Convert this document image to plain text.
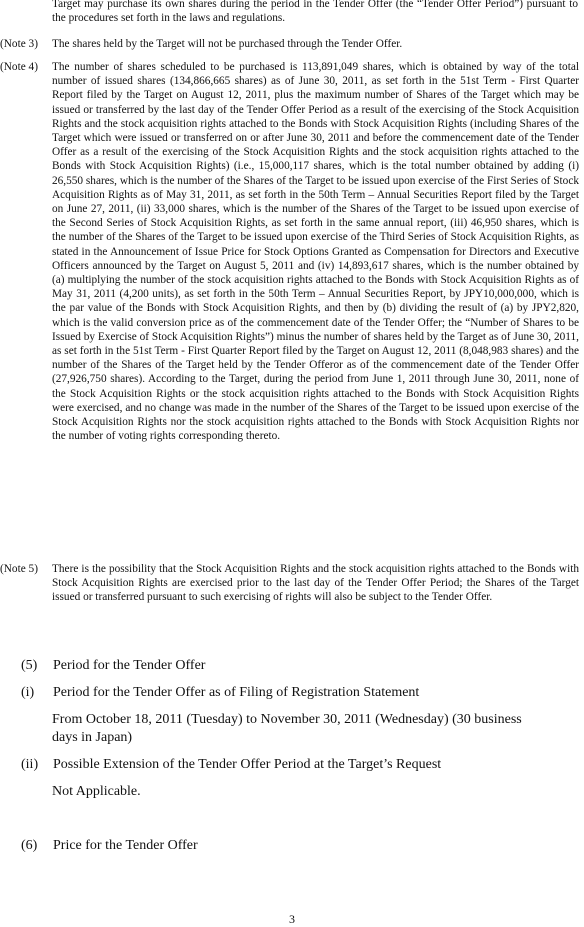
Target may purchase its own shares during the period in the Tender Offer (the “Tender Offer Period”) pursuant to the procedures set forth in the laws and regulations.
(Note 3)	The shares held by the Target will not be purchased through the Tender Offer.
(Note 4)	The number of shares scheduled to be purchased is 113,891,049 shares, which is obtained by way of the total number of issued shares (134,866,665 shares) as of June 30, 2011, as set forth in the 51st Term - First Quarter Report filed by the Target on August 12, 2011, plus the maximum number of Shares of the Target which may be issued or transferred by the last day of the Tender Offer Period as a result of the exercising of the Stock Acquisition Rights and the stock acquisition rights attached to the Bonds with Stock Acquisition Rights (including Shares of the Target which were issued or transferred on or after June 30, 2011 and before the commencement date of the Tender Offer as a result of the exercising of the Stock Acquisition Rights and the stock acquisition rights attached to the Bonds with Stock Acquisition Rights) (i.e., 15,000,117 shares, which is the total number obtained by adding (i) 26,550 shares, which is the number of the Shares of the Target to be issued upon exercise of the First Series of Stock Acquisition Rights as of May 31, 2011, as set forth in the 50th Term – Annual Securities Report filed by the Target on June 27, 2011, (ii) 33,000 shares, which is the number of the Shares of the Target to be issued upon exercise of the Second Series of Stock Acquisition Rights, as set forth in the same annual report, (iii) 46,950 shares, which is the number of the Shares of the Target to be issued upon exercise of the Third Series of Stock Acquisition Rights, as stated in the Announcement of Issue Price for Stock Options Granted as Compensation for Directors and Executive Officers announced by the Target on August 5, 2011 and (iv) 14,893,617 shares, which is the number obtained by (a) multiplying the number of the stock acquisition rights attached to the Bonds with Stock Acquisition Rights as of May 31, 2011 (4,200 units), as set forth in the 50th Term – Annual Securities Report, by JPY10,000,000, which is the par value of the Bonds with Stock Acquisition Rights, and then by (b) dividing the result of (a) by JPY2,820, which is the valid conversion price as of the commencement date of the Tender Offer; the “Number of Shares to be Issued by Exercise of Stock Acquisition Rights”) minus the number of shares held by the Target as of June 30, 2011, as set forth in the 51st Term - First Quarter Report filed by the Target on August 12, 2011 (8,048,983 shares) and the number of the Shares of the Target held by the Tender Offeror as of the commencement date of the Tender Offer (27,926,750 shares). According to the Target, during the period from June 1, 2011 through June 30, 2011, none of the Stock Acquisition Rights or the stock acquisition rights attached to the Bonds with Stock Acquisition Rights were exercised, and no change was made in the number of the Shares of the Target to be issued upon exercise of the Stock Acquisition Rights nor the stock acquisition rights attached to the Bonds with Stock Acquisition Rights nor the number of voting rights corresponding thereto.
(Note 5)	There is the possibility that the Stock Acquisition Rights and the stock acquisition rights attached to the Bonds with Stock Acquisition Rights are exercised prior to the last day of the Tender Offer Period; the Shares of the Target issued or transferred pursuant to such exercising of rights will also be subject to the Tender Offer.
(5) Period for the Tender Offer
(i) Period for the Tender Offer as of Filing of Registration Statement
From October 18, 2011 (Tuesday) to November 30, 2011 (Wednesday) (30 business days in Japan)
(ii) Possible Extension of the Tender Offer Period at the Target’s Request
Not Applicable.
(6) Price for the Tender Offer
3
